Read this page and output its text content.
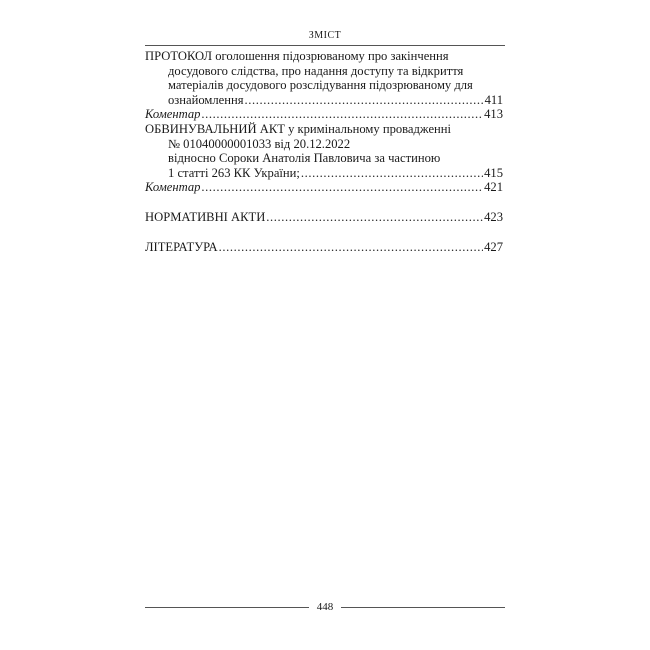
ЗМІСТ
ПРОТОКОЛ оголошення підозрюваному про закінчення
досудового слідства, про надання доступу та відкриття
матеріалів досудового розслідування підозрюваному для
ознайомлення .....	411
Коментар .....	413
ОБВИНУВАЛЬНИЙ АКТ у кримінальному провадженні
№ 01040000001033 від 20.12.2022
відносно Сороки Анатолія Павловича за частиною
1 статті 263 КК України; .....	415
Коментар .....	421
НОРМАТИВНІ АКТИ .....	423
ЛІТЕРАТУРА .....	427
448
